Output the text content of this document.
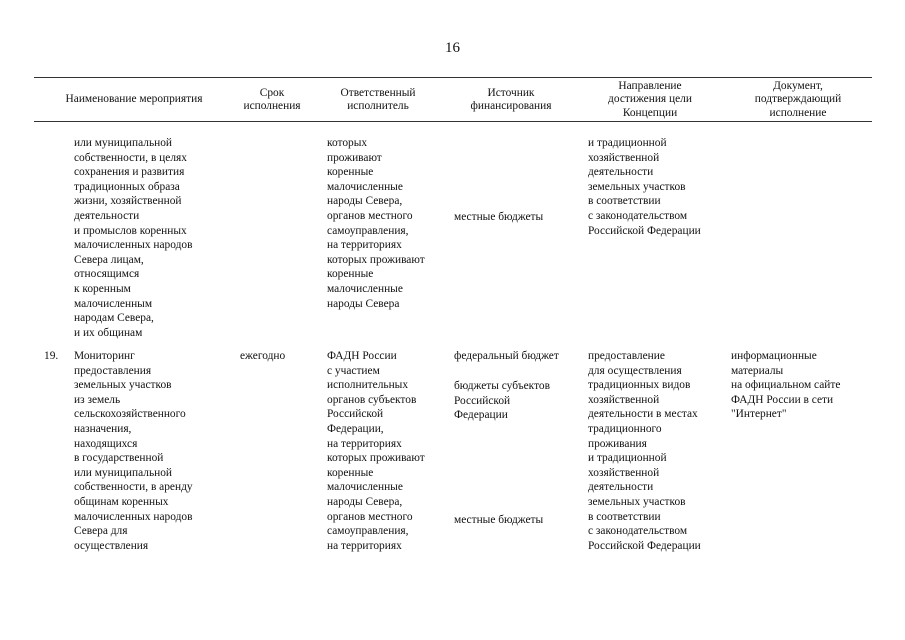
16
Наименование мероприятия
Срок
исполнения
Ответственный
исполнитель
Источник
финансирования
Направление
достижения цели
Концепции
Документ,
подтверждающий
исполнение

или муниципальной
собственности, в целях
сохранения и развития
традиционных образа
жизни, хозяйственной
деятельности
и промыслов коренных
малочисленных народов
Севера лицам,
относящимся
к коренным
малочисленным
народам Севера,
и их общинам

которых
проживают
коренные
малочисленные
народы Севера,
органов местного
самоуправления,
на территориях
которых проживают
коренные
малочисленные
народы Севера

местные бюджеты

и традиционной
хозяйственной
деятельности
земельных участков
в соответствии
с законодательством
Российской Федерации

19. Мониторинг
предоставления
земельных участков
из земель
сельскохозяйственного
назначения,
находящихся
в государственной
или муниципальной
собственности, в аренду
общинам коренных
малочисленных народов
Севера для
осуществления

ежегодно	ФАДН России
с участием
исполнительных
органов субъектов
Российской
Федерации,
на территориях
которых проживают
коренные
малочисленные
народы Севера,
органов местного
самоуправления,
на территориях

федеральный бюджет

бюджеты субъектов
Российской
Федерации

местные бюджеты

предоставление
для осуществления
традиционных видов
хозяйственной
деятельности в местах
традиционного
проживания
и традиционной
хозяйственной
деятельности
земельных участков
в соответствии
с законодательством
Российской Федерации

информационные
материалы
на официальном сайте
ФАДН России в сети
"Интернет"
